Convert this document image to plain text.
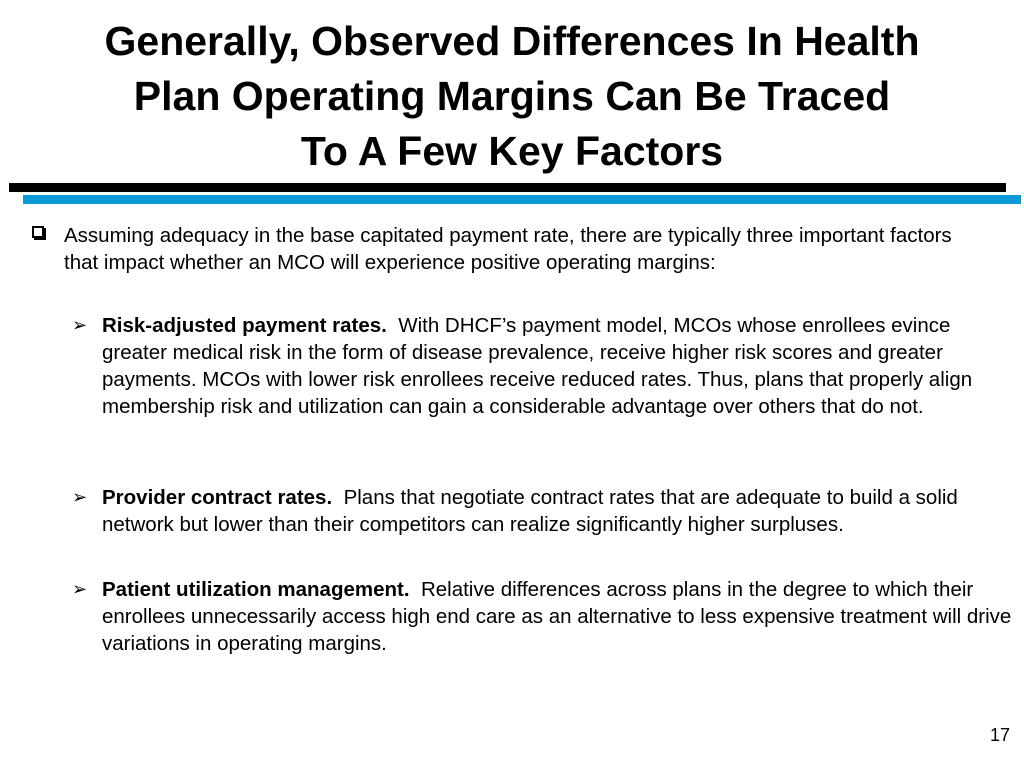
Generally, Observed Differences In Health
Plan Operating Margins Can Be Traced
To A Few Key Factors
Assuming adequacy in the base capitated payment rate, there are typically three important factors that impact whether an MCO will experience positive operating margins:
➢ Risk-adjusted payment rates. With DHCF’s payment model, MCOs whose enrollees evince greater medical risk in the form of disease prevalence, receive higher risk scores and greater payments. MCOs with lower risk enrollees receive reduced rates. Thus, plans that properly align membership risk and utilization can gain a considerable advantage over others that do not.
➢ Provider contract rates. Plans that negotiate contract rates that are adequate to build a solid network but lower than their competitors can realize significantly higher surpluses.
➢ Patient utilization management. Relative differences across plans in the degree to which their enrollees unnecessarily access high end care as an alternative to less expensive treatment will drive variations in operating margins.
17
